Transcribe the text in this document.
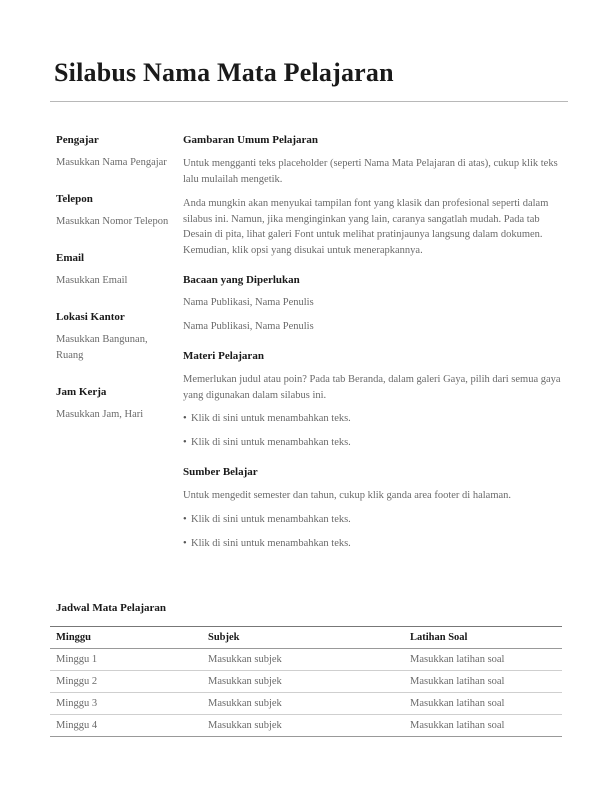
Silabus Nama Mata Pelajaran
Pengajar
Masukkan Nama Pengajar
Telepon
Masukkan Nomor Telepon
Email
Masukkan Email
Lokasi Kantor
Masukkan Bangunan, Ruang
Jam Kerja
Masukkan Jam, Hari
Gambaran Umum Pelajaran
Untuk mengganti teks placeholder (seperti Nama Mata Pelajaran di atas), cukup klik teks lalu mulailah mengetik.
Anda mungkin akan menyukai tampilan font yang klasik dan profesional seperti dalam silabus ini. Namun, jika menginginkan yang lain, caranya sangatlah mudah. Pada tab Desain di pita, lihat galeri Font untuk melihat pratinjaunya langsung dalam dokumen. Kemudian, klik opsi yang disukai untuk menerapkannya.
Bacaan yang Diperlukan
Nama Publikasi, Nama Penulis
Nama Publikasi, Nama Penulis
Materi Pelajaran
Memerlukan judul atau poin? Pada tab Beranda, dalam galeri Gaya, pilih dari semua gaya yang digunakan dalam silabus ini.
• Klik di sini untuk menambahkan teks.
• Klik di sini untuk menambahkan teks.
Sumber Belajar
Untuk mengedit semester dan tahun, cukup klik ganda area footer di halaman.
• Klik di sini untuk menambahkan teks.
• Klik di sini untuk menambahkan teks.
Jadwal Mata Pelajaran
Minggu	Subjek	Latihan Soal
Minggu 1	Masukkan subjek	Masukkan latihan soal
Minggu 2	Masukkan subjek	Masukkan latihan soal
Minggu 3	Masukkan subjek	Masukkan latihan soal
Minggu 4	Masukkan subjek	Masukkan latihan soal
